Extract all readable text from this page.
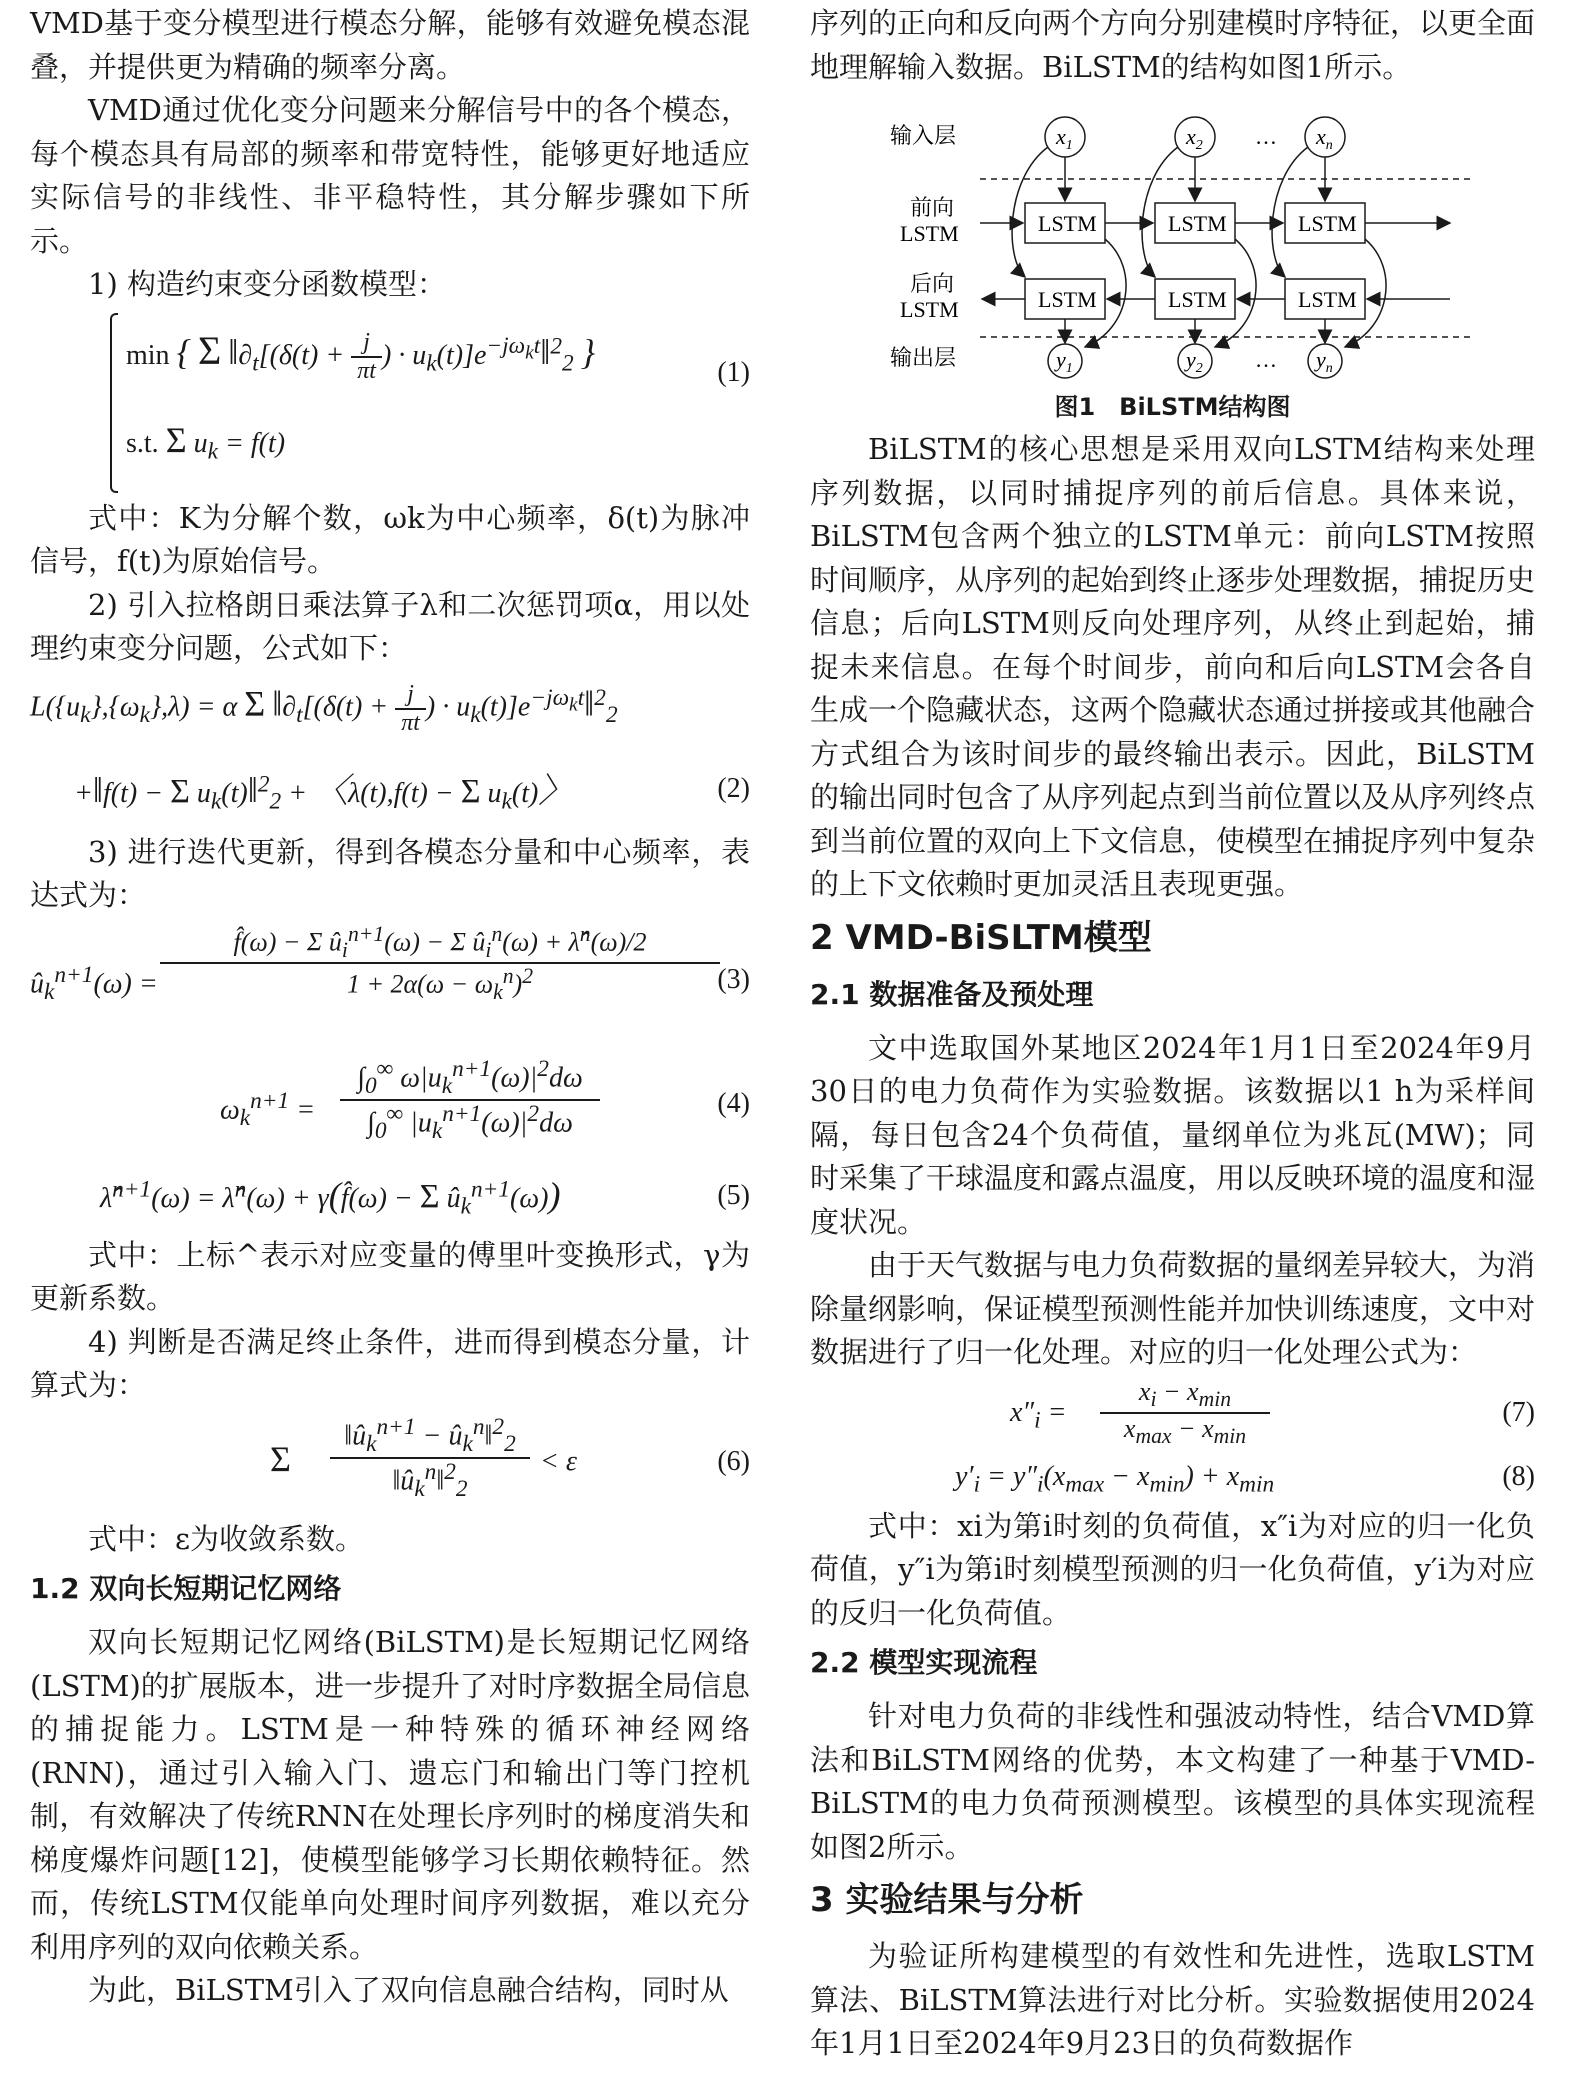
VMD基于变分模型进行模态分解，能够有效避免模态混叠，并提供更为精确的频率分离。

VMD通过优化变分问题来分解信号中的各个模态，每个模态具有局部的频率和带宽特性，能够更好地适应实际信号的非线性、非平稳特性，其分解步骤如下所示。

1) 构造约束变分函数模型：

min { Σ $‖\partial_t[(\delta(t) + \frac{j}{\pi t}$ ) · $u_k(t)]e^{-j\omega_kt}‖^2_2$ }
s.t. Σ $u_k = f(t)$
(1)

式中：K为分解个数，ωk为中心频率，δ(t)为脉冲信号，f(t)为原始信号。

2) 引入拉格朗日乘法算子λ和二次惩罚项α，用以处理约束变分问题，公式如下：

$L(\{u_k\},\{\omega_k\},\lambda) = \alpha$ Σ $‖\partial_t[(\delta(t) + \frac{j}{\pi t}$ ) · $u_k(t)]e^{-j\omega_kt}‖^2_2$
+‖f(t) − Σ $u_k(t)‖^2_2$ + 〈λ(t),f(t) − Σ $u_k(t)$〉	(2)

3) 进行迭代更新，得到各模态分量和中心频率，表达式为：

$û_k^{n+1}(\omega)$ =
f̂(ω) − Σ $û_i^{n+1}(\omega) - \Sigma$ $û_i^n(\omega)$ + λ̂$^n$(ω)/2
$1 + 2\alpha(\omega - \omega_k^n)^2$	(3)
$\omega_k^{n+1}$ =
$\int_0^\infty$ $\omega|u_k^{n+1}(\omega)|^2d\omega$
$\int_0^\infty$ $|u_k^{n+1}(\omega)|^2d\omega$
(4)
λ̂$^{n+1}$(ω) = λ̂$^n$(ω) + γ(f̂(ω) − Σ $û_k^{n+1}(\omega)$)	(5)

式中：上标^表示对应变量的傅里叶变换形式，γ为更新系数。

4) 判断是否满足终止条件，进而得到模态分量，计算式为：

Σ
$‖û_k^{n+1}$ − $û_k^n‖^2_2$
$‖û_k^n‖^2_2$
< ε	(6)

式中：ε为收敛系数。

1.2 双向长短期记忆网络

双向长短期记忆网络(BiLSTM)是长短期记忆网络(LSTM)的扩展版本，进一步提升了对时序数据全局信息的捕捉能力。LSTM是一种特殊的循环神经网络(RNN)，通过引入输入门、遗忘门和输出门等门控机制，有效解决了传统RNN在处理长序列时的梯度消失和梯度爆炸问题[12]，使模型能够学习长期依赖特征。然而，传统LSTM仅能单向处理时间序列数据，难以充分利用序列的双向依赖关系。

为此，BiLSTM引入了双向信息融合结构，同时从

序列的正向和反向两个方向分别建模时序特征，以更全面地理解输入数据。BiLSTM的结构如图1所示。

输入层
前向
LSTM
后向
LSTM
输出层
$x_1$	$x_2$ … $x_n$
LSTM	LSTM	LSTM
LSTM	LSTM	LSTM
$y_1$	$y_2$ … $y_n$
图1　BiLSTM结构图

BiLSTM的核心思想是采用双向LSTM结构来处理序列数据，以同时捕捉序列的前后信息。具体来说，BiLSTM包含两个独立的LSTM单元：前向LSTM按照时间顺序，从序列的起始到终止逐步处理数据，捕捉历史信息；后向LSTM则反向处理序列，从终止到起始，捕捉未来信息。在每个时间步，前向和后向LSTM会各自生成一个隐藏状态，这两个隐藏状态通过拼接或其他融合方式组合为该时间步的最终输出表示。因此，BiLSTM的输出同时包含了从序列起点到当前位置以及从序列终点到当前位置的双向上下文信息，使模型在捕捉序列中复杂的上下文依赖时更加灵活且表现更强。

2 VMD-BiSLTM模型
2.1 数据准备及预处理

文中选取国外某地区2024年1月1日至2024年9月30日的电力负荷作为实验数据。该数据以1 h为采样间隔，每日包含24个负荷值，量纲单位为兆瓦(MW)；同时采集了干球温度和露点温度，用以反映环境的温度和湿度状况。

由于天气数据与电力负荷数据的量纲差异较大，为消除量纲影响，保证模型预测性能并加快训练速度，文中对数据进行了归一化处理。对应的归一化处理公式为：

$x''_i$ =
$x_i - x_{min}$
$x_{max} - x_{min}$
(7)
$y'_i = y''_i(x_{max} - x_{min}) + x_{min}$	(8)

式中：xi为第i时刻的负荷值，x″i为对应的归一化负荷值，y″i为第i时刻模型预测的归一化负荷值，y′i为对应的反归一化负荷值。

2.2 模型实现流程

针对电力负荷的非线性和强波动特性，结合VMD算法和BiLSTM网络的优势，本文构建了一种基于VMD-BiLSTM的电力负荷预测模型。该模型的具体实现流程如图2所示。

3 实验结果与分析

为验证所构建模型的有效性和先进性，选取LSTM算法、BiLSTM算法进行对比分析。实验数据使用2024年1月1日至2024年9月23日的负荷数据作
